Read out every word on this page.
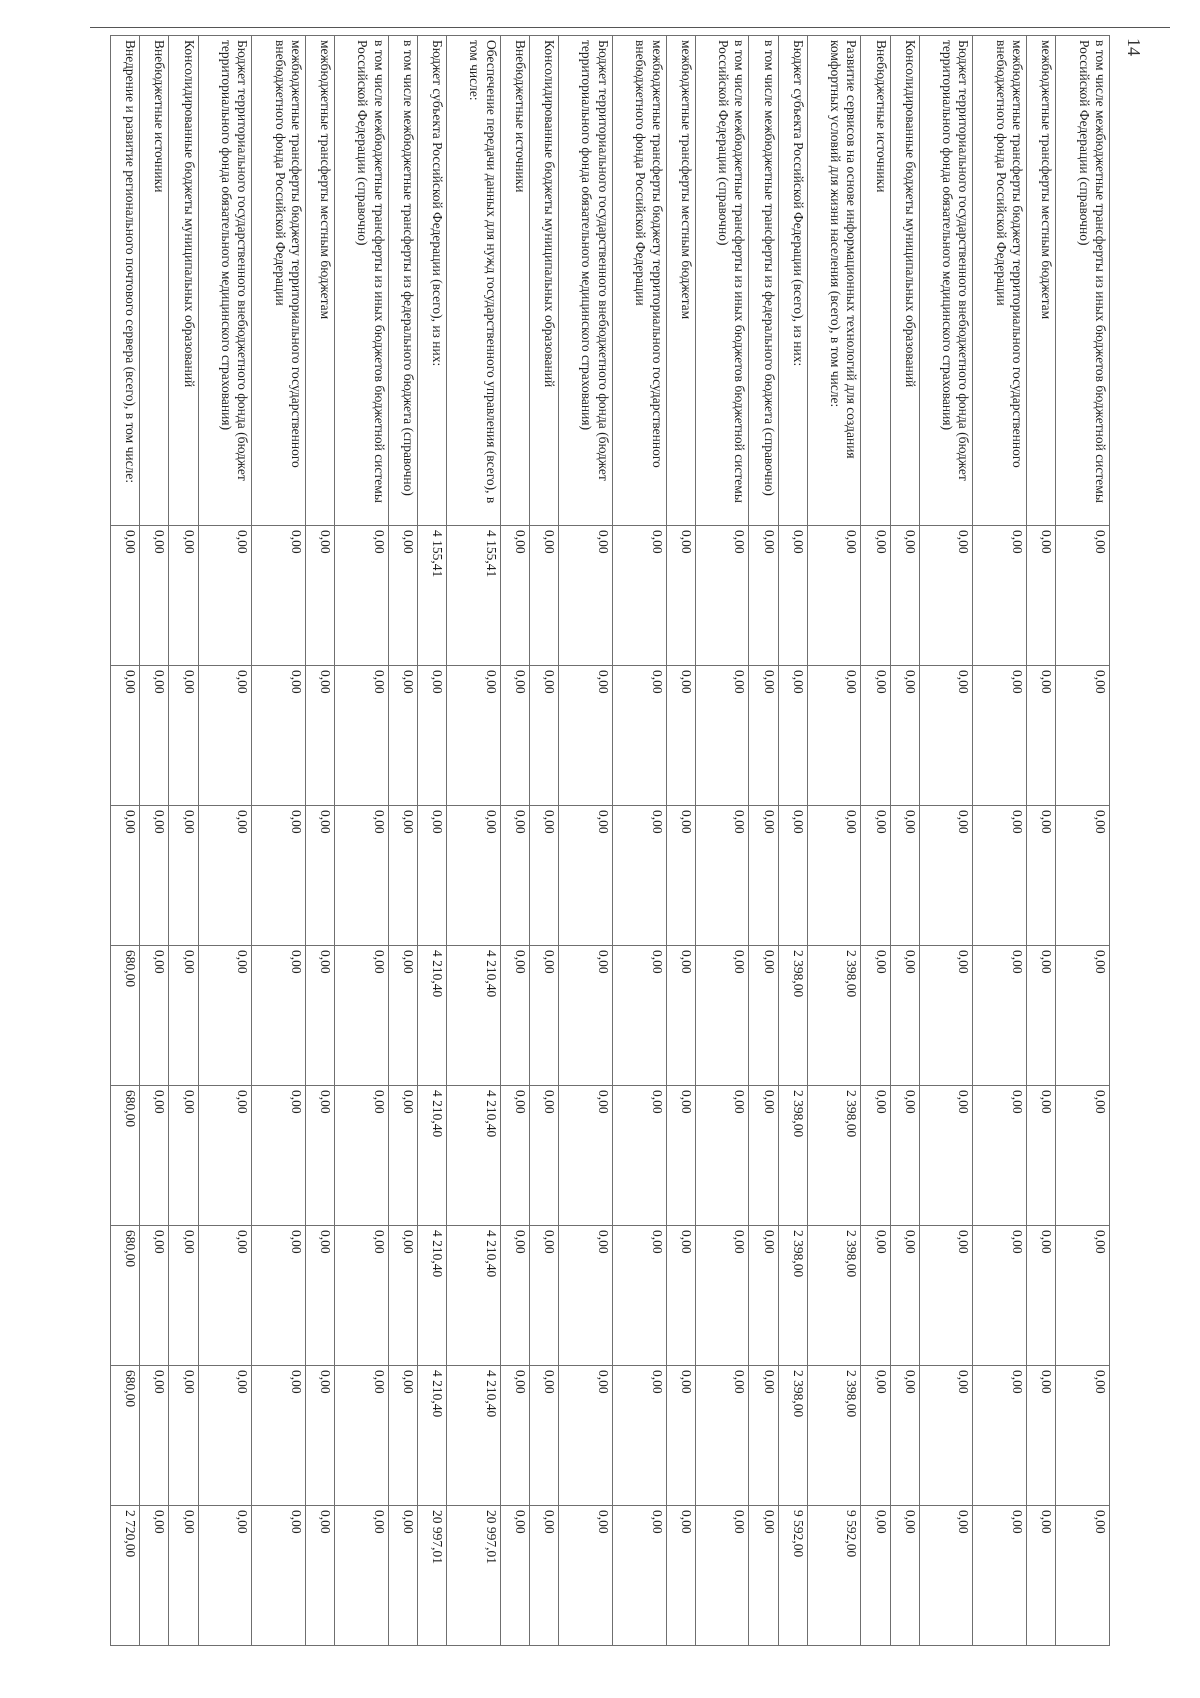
14
в том числе межбюджетные трансферты из иных бюджетов бюджетной системы Российской Федерации (справочно)	0,00	0,00	0,00	0,00	0,00	0,00	0,00	0,00
межбюджетные трансферты местным бюджетам	0,00	0,00	0,00	0,00	0,00	0,00	0,00	0,00
межбюджетные трансферты бюджету территориального государственного внебюджетного фонда Российской Федерации	0,00	0,00	0,00	0,00	0,00	0,00	0,00	0,00
Бюджет территориального государственного внебюджетного фонда (бюджет территориального фонда обязательного медицинского страхования)	0,00	0,00	0,00	0,00	0,00	0,00	0,00	0,00
Консолидированные бюджеты муниципальных образований	0,00	0,00	0,00	0,00	0,00	0,00	0,00	0,00
Внебюджетные источники	0,00	0,00	0,00	0,00	0,00	0,00	0,00	0,00
Развитие сервисов на основе информационных технологий для создания комфортных условий для жизни населения (всего), в том числе:	0,00	0,00	0,00	2 398,00	2 398,00	2 398,00	2 398,00	9 592,00
Бюджет субъекта Российской Федерации (всего), из них:	0,00	0,00	0,00	2 398,00	2 398,00	2 398,00	2 398,00	9 592,00
в том числе межбюджетные трансферты из федерального бюджета (справочно)	0,00	0,00	0,00	0,00	0,00	0,00	0,00	0,00
в том числе межбюджетные трансферты из иных бюджетов бюджетной системы Российской Федерации (справочно)	0,00	0,00	0,00	0,00	0,00	0,00	0,00	0,00
межбюджетные трансферты местным бюджетам	0,00	0,00	0,00	0,00	0,00	0,00	0,00	0,00
межбюджетные трансферты бюджету территориального государственного внебюджетного фонда Российской Федерации	0,00	0,00	0,00	0,00	0,00	0,00	0,00	0,00
Бюджет территориального государственного внебюджетного фонда (бюджет территориального фонда обязательного медицинского страхования)	0,00	0,00	0,00	0,00	0,00	0,00	0,00	0,00
Консолидированные бюджеты муниципальных образований	0,00	0,00	0,00	0,00	0,00	0,00	0,00	0,00
Внебюджетные источники	0,00	0,00	0,00	0,00	0,00	0,00	0,00	0,00
Обеспечение передачи данных для нужд государственного управления (всего), в том числе:	4 155,41	0,00	0,00	4 210,40	4 210,40	4 210,40	4 210,40	20 997,01
Бюджет субъекта Российской Федерации (всего), из них:	4 155,41	0,00	0,00	4 210,40	4 210,40	4 210,40	4 210,40	20 997,01
в том числе межбюджетные трансферты из федерального бюджета (справочно)	0,00	0,00	0,00	0,00	0,00	0,00	0,00	0,00
в том числе межбюджетные трансферты из иных бюджетов бюджетной системы Российской Федерации (справочно)	0,00	0,00	0,00	0,00	0,00	0,00	0,00	0,00
межбюджетные трансферты местным бюджетам	0,00	0,00	0,00	0,00	0,00	0,00	0,00	0,00
межбюджетные трансферты бюджету территориального государственного внебюджетного фонда Российской Федерации	0,00	0,00	0,00	0,00	0,00	0,00	0,00	0,00
Бюджет территориального государственного внебюджетного фонда (бюджет территориального фонда обязательного медицинского страхования)	0,00	0,00	0,00	0,00	0,00	0,00	0,00	0,00
Консолидированные бюджеты муниципальных образований	0,00	0,00	0,00	0,00	0,00	0,00	0,00	0,00
Внебюджетные источники	0,00	0,00	0,00	0,00	0,00	0,00	0,00	0,00
Внедрение и развитие регионального почтового сервера (всего), в том числе:	0,00	0,00	0,00	680,00	680,00	680,00	680,00	2 720,00
